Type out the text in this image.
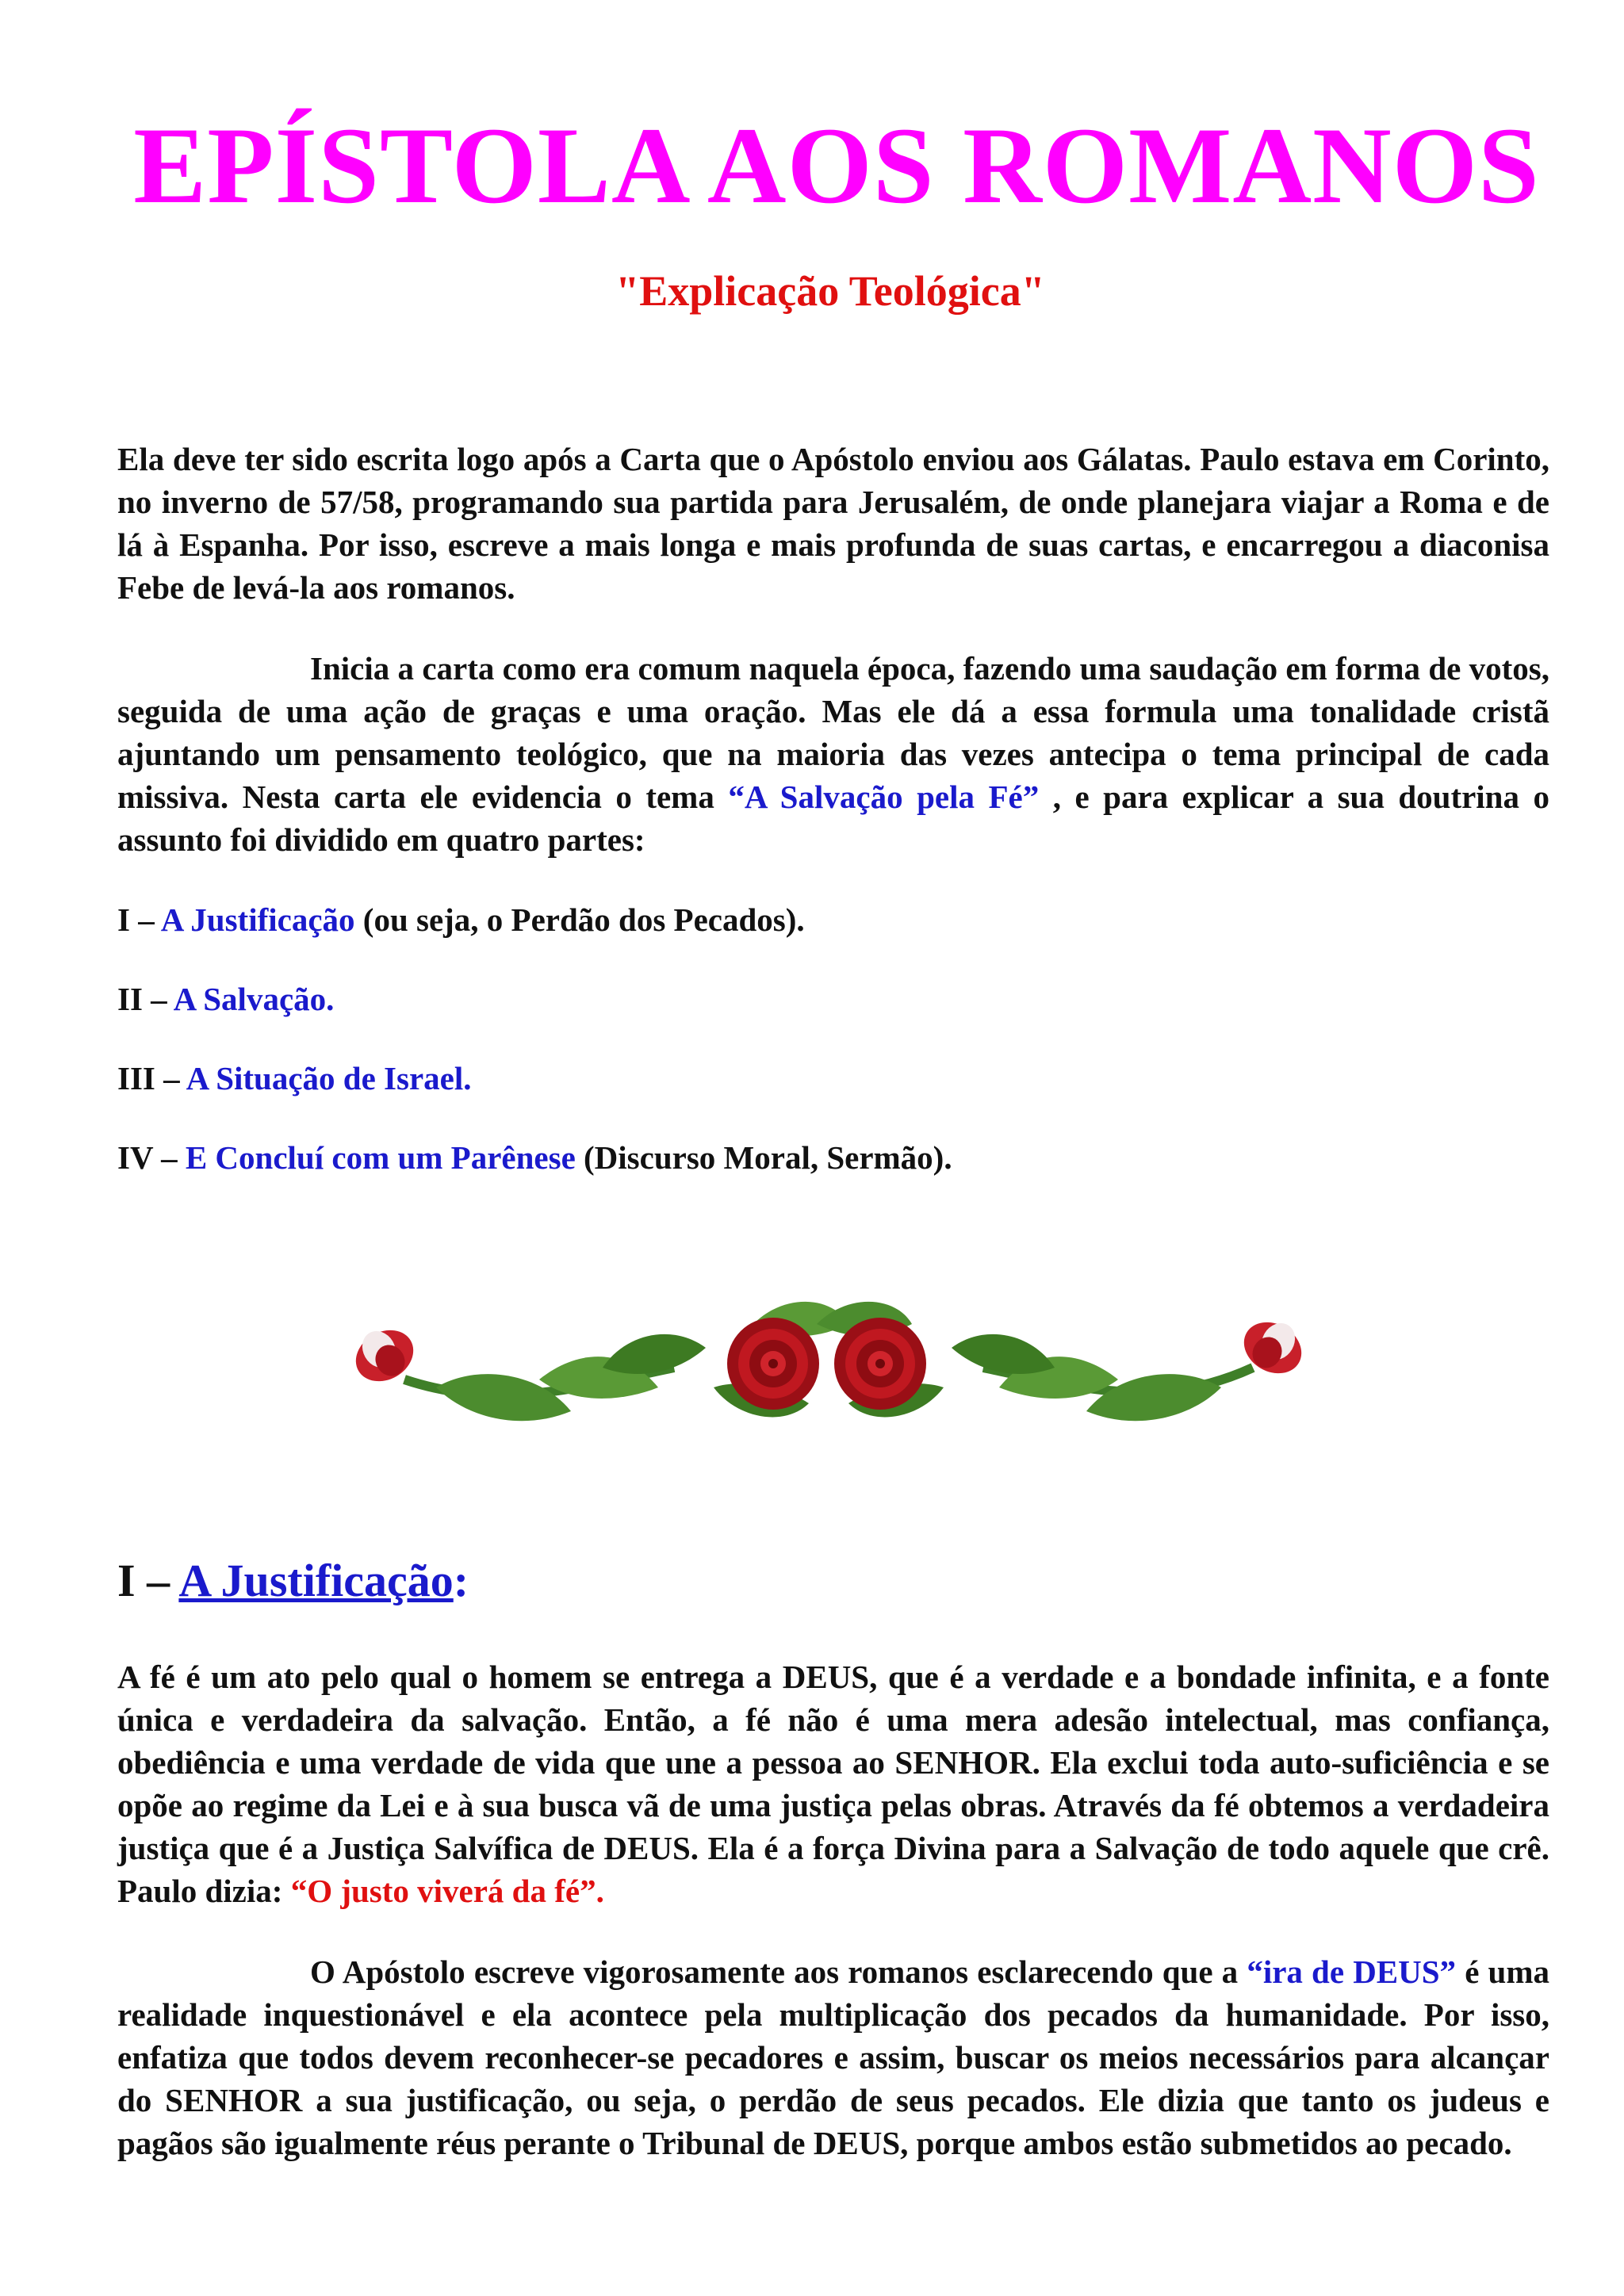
EPÍSTOLA AOS ROMANOS
"Explicação Teológica"

Ela deve ter sido escrita logo após a Carta que o Apóstolo enviou aos Gálatas. Paulo estava em Corinto, no inverno de 57/58, programando sua partida para Jerusalém, de onde planejara viajar a Roma e de lá à Espanha. Por isso, escreve a mais longa e mais profunda de suas cartas, e encarregou a diaconisa Febe de levá-la aos romanos.

Inicia a carta como era comum naquela época, fazendo uma saudação em forma de votos, seguida de uma ação de graças e uma oração. Mas ele dá a essa formula uma tonalidade cristã ajuntando um pensamento teológico, que na maioria das vezes antecipa o tema principal de cada missiva. Nesta carta ele evidencia o tema “A Salvação pela Fé” , e para explicar a sua doutrina o assunto foi dividido em quatro partes:

I – A Justificação (ou seja, o Perdão dos Pecados).
II – A Salvação.
III – A Situação de Israel.
IV – E Concluí com um Parênese (Discurso Moral, Sermão).
I – A Justificação:

A fé é um ato pelo qual o homem se entrega a DEUS, que é a verdade e a bondade infinita, e a fonte única e verdadeira da salvação. Então, a fé não é uma mera adesão intelectual, mas confiança, obediência e uma verdade de vida que une a pessoa ao SENHOR. Ela exclui toda auto-suficiência e se opõe ao regime da Lei e à sua busca vã de uma justiça pelas obras. Através da fé obtemos a verdadeira justiça que é a Justiça Salvífica de DEUS. Ela é a força Divina para a Salvação de todo aquele que crê. Paulo dizia: “O justo viverá da fé”.

O Apóstolo escreve vigorosamente aos romanos esclarecendo que a “ira de DEUS” é uma realidade inquestionável e ela acontece pela multiplicação dos pecados da humanidade. Por isso, enfatiza que todos devem reconhecer-se pecadores e assim, buscar os meios necessários para alcançar do SENHOR a sua justificação, ou seja, o perdão de seus pecados. Ele dizia que tanto os judeus e pagãos são igualmente réus perante o Tribunal de DEUS, porque ambos estão submetidos ao pecado.
